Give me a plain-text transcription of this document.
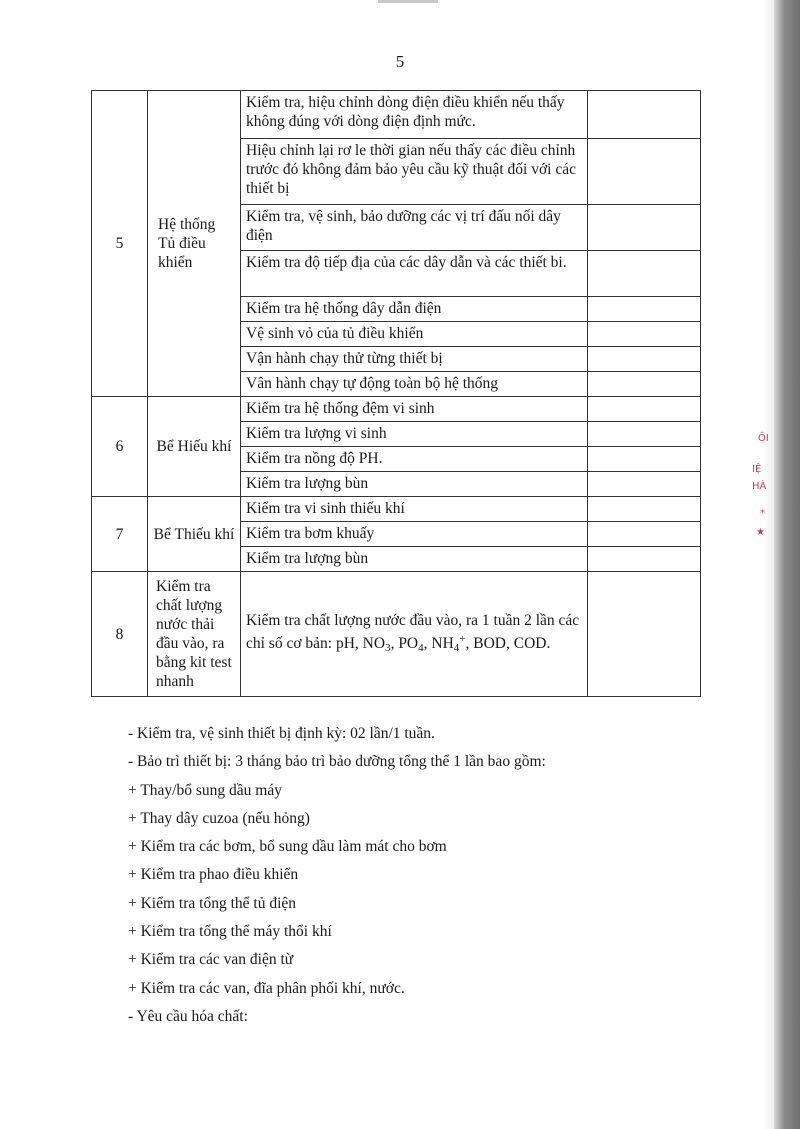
5
5	Hệ thống Tủ điều khiển	Kiểm tra, hiệu chỉnh dòng điện điều khiển nếu thấy không đúng với dòng điện định mức.	
		Hiệu chỉnh lại rơ le thời gian nếu thấy các điều chỉnh trước đó không đảm bảo yêu cầu kỹ thuật đối với các thiết bị	
		Kiểm tra, vệ sinh, bảo dưỡng các vị trí đấu nối dây điện	
		Kiểm tra độ tiếp địa của các dây dẫn và các thiết bi.	
		Kiểm tra hệ thống dây dẫn điện	
		Vệ sinh vỏ của tủ điều khiển	
		Vận hành chạy thử từng thiết bị	
		Vân hành chạy tự động toàn bộ hệ thống	
6	Bể Hiếu khí	Kiểm tra hệ thống đệm vi sinh	
		Kiểm tra lượng vi sinh	
		Kiểm tra nồng độ PH.	
		Kiểm tra lượng bùn	
7	Bể Thiếu khí	Kiểm tra vi sinh thiếu khí	
		Kiểm tra bơm khuấy	
		Kiểm tra lượng bùn	
8	Kiểm tra chất lượng nước thải đầu vào, ra bằng kit test nhanh	Kiểm tra chất lượng nước đầu vào, ra 1 tuần 2 lần các chỉ số cơ bản: pH, $NO_3$, $PO_4$, $NH_4^+$, BOD, COD.	
- Kiểm tra, vệ sinh thiết bị định kỳ: 02 lần/1 tuần.
- Bảo trì thiết bị: 3 tháng bảo trì bảo dưỡng tổng thể 1 lần bao gồm:
+ Thay/bổ sung dầu máy
+ Thay dây cuzoa (nếu hỏng)
+ Kiểm tra các bơm, bổ sung dầu làm mát cho bơm
+ Kiểm tra phao điều khiển
+ Kiểm tra tổng thể tủ điện
+ Kiểm tra tổng thể máy thổi khí
+ Kiểm tra các van điện từ
+ Kiểm tra các van, đĩa phân phối khí, nước.
- Yêu cầu hóa chất:
ÔI
IỆ
HÀ
*
★
